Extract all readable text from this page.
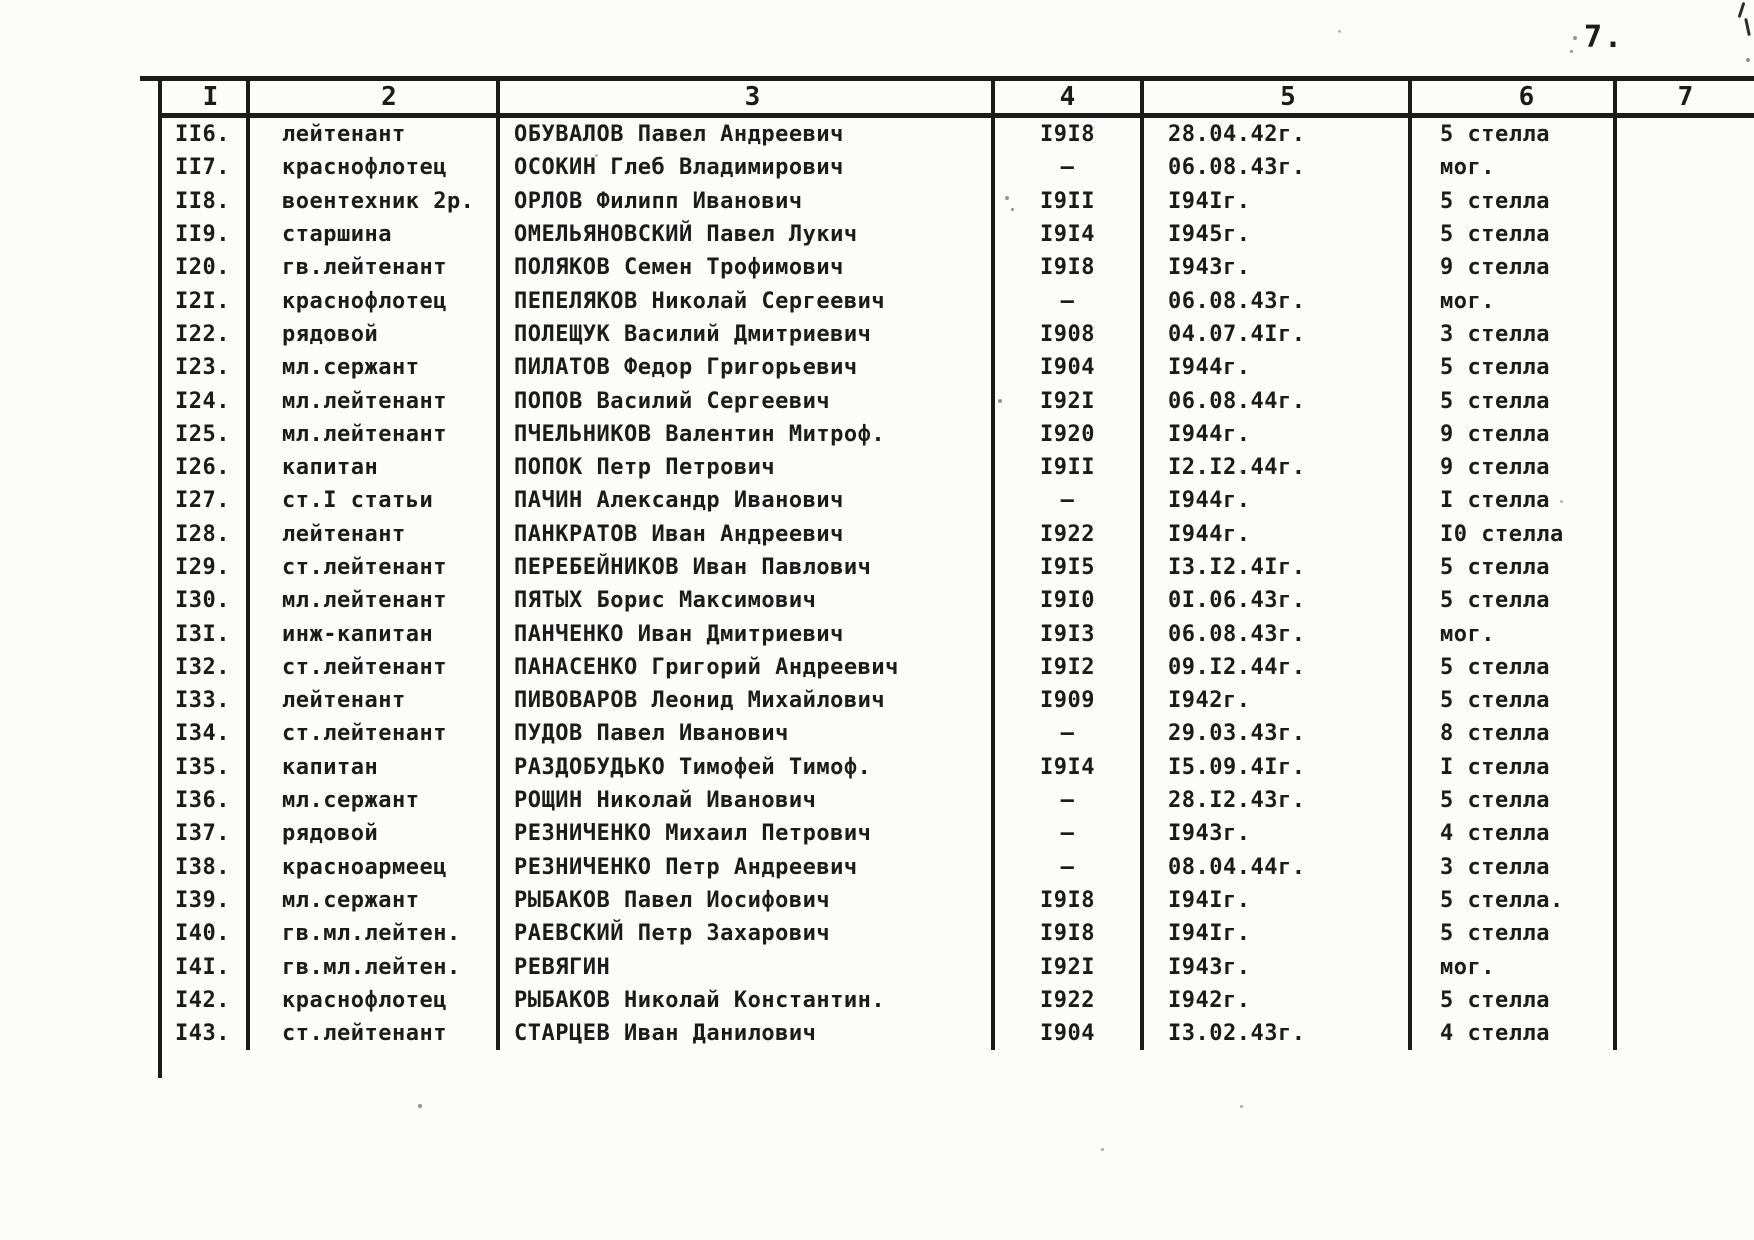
7.
I	2	3	4	5	6	7
II6.	лейтенант	ОБУВАЛОВ Павел Андреевич	I9I8	28.04.42г.	5 стелла
II7.	краснофлотец	ОСОКИН Глеб Владимирович	–	06.08.43г.	мог.
II8.	воентехник 2р.	ОРЛОВ Филипп Иванович	I9II	I94Iг.	5 стелла
II9.	старшина	ОМЕЛЬЯНОВСКИЙ Павел Лукич	I9I4	I945г.	5 стелла
I20.	гв.лейтенант	ПОЛЯКОВ Семен Трофимович	I9I8	I943г.	9 стелла
I2I.	краснофлотец	ПЕПЕЛЯКОВ Николай Сергеевич	–	06.08.43г.	мог.
I22.	рядовой	ПОЛЕЩУК Василий Дмитриевич	I908	04.07.4Iг.	3 стелла
I23.	мл.сержант	ПИЛАТОВ Федор Григорьевич	I904	I944г.	5 стелла
I24.	мл.лейтенант	ПОПОВ Василий Сергеевич	I92I	06.08.44г.	5 стелла
I25.	мл.лейтенант	ПЧЕЛЬНИКОВ Валентин Митроф.	I920	I944г.	9 стелла
I26.	капитан	ПОПОК Петр Петрович	I9II	I2.I2.44г.	9 стелла
I27.	ст.I статьи	ПАЧИН Александр Иванович	–	I944г.	I стелла
I28.	лейтенант	ПАНКРАТОВ Иван Андреевич	I922	I944г.	I0 стелла
I29.	ст.лейтенант	ПЕРЕБЕЙНИКОВ Иван Павлович	I9I5	I3.I2.4Iг.	5 стелла
I30.	мл.лейтенант	ПЯТЫХ Борис Максимович	I9I0	0I.06.43г.	5 стелла
I3I.	инж-капитан	ПАНЧЕНКО Иван Дмитриевич	I9I3	06.08.43г.	мог.
I32.	ст.лейтенант	ПАНАСЕНКО Григорий Андреевич	I9I2	09.I2.44г.	5 стелла
I33.	лейтенант	ПИВОВАРОВ Леонид Михайлович	I909	I942г.	5 стелла
I34.	ст.лейтенант	ПУДОВ Павел Иванович	–	29.03.43г.	8 стелла
I35.	капитан	РАЗДОБУДЬКО Тимофей Тимоф.	I9I4	I5.09.4Iг.	I стелла
I36.	мл.сержант	РОЩИН Николай Иванович	–	28.I2.43г.	5 стелла
I37.	рядовой	РЕЗНИЧЕНКО Михаил Петрович	–	I943г.	4 стелла
I38.	красноармеец	РЕЗНИЧЕНКО Петр Андреевич	–	08.04.44г.	3 стелла
I39.	мл.сержант	РЫБАКОВ Павел Иосифович	I9I8	I94Iг.	5 стелла.
I40.	гв.мл.лейтен.	РАЕВСКИЙ Петр Захарович	I9I8	I94Iг.	5 стелла
I4I.	гв.мл.лейтен.	РЕВЯГИН	I92I	I943г.	мог.
I42.	краснофлотец	РЫБАКОВ Николай Константин.	I922	I942г.	5 стелла
I43.	ст.лейтенант	СТАРЦЕВ Иван Данилович	I904	I3.02.43г.	4 стелла
